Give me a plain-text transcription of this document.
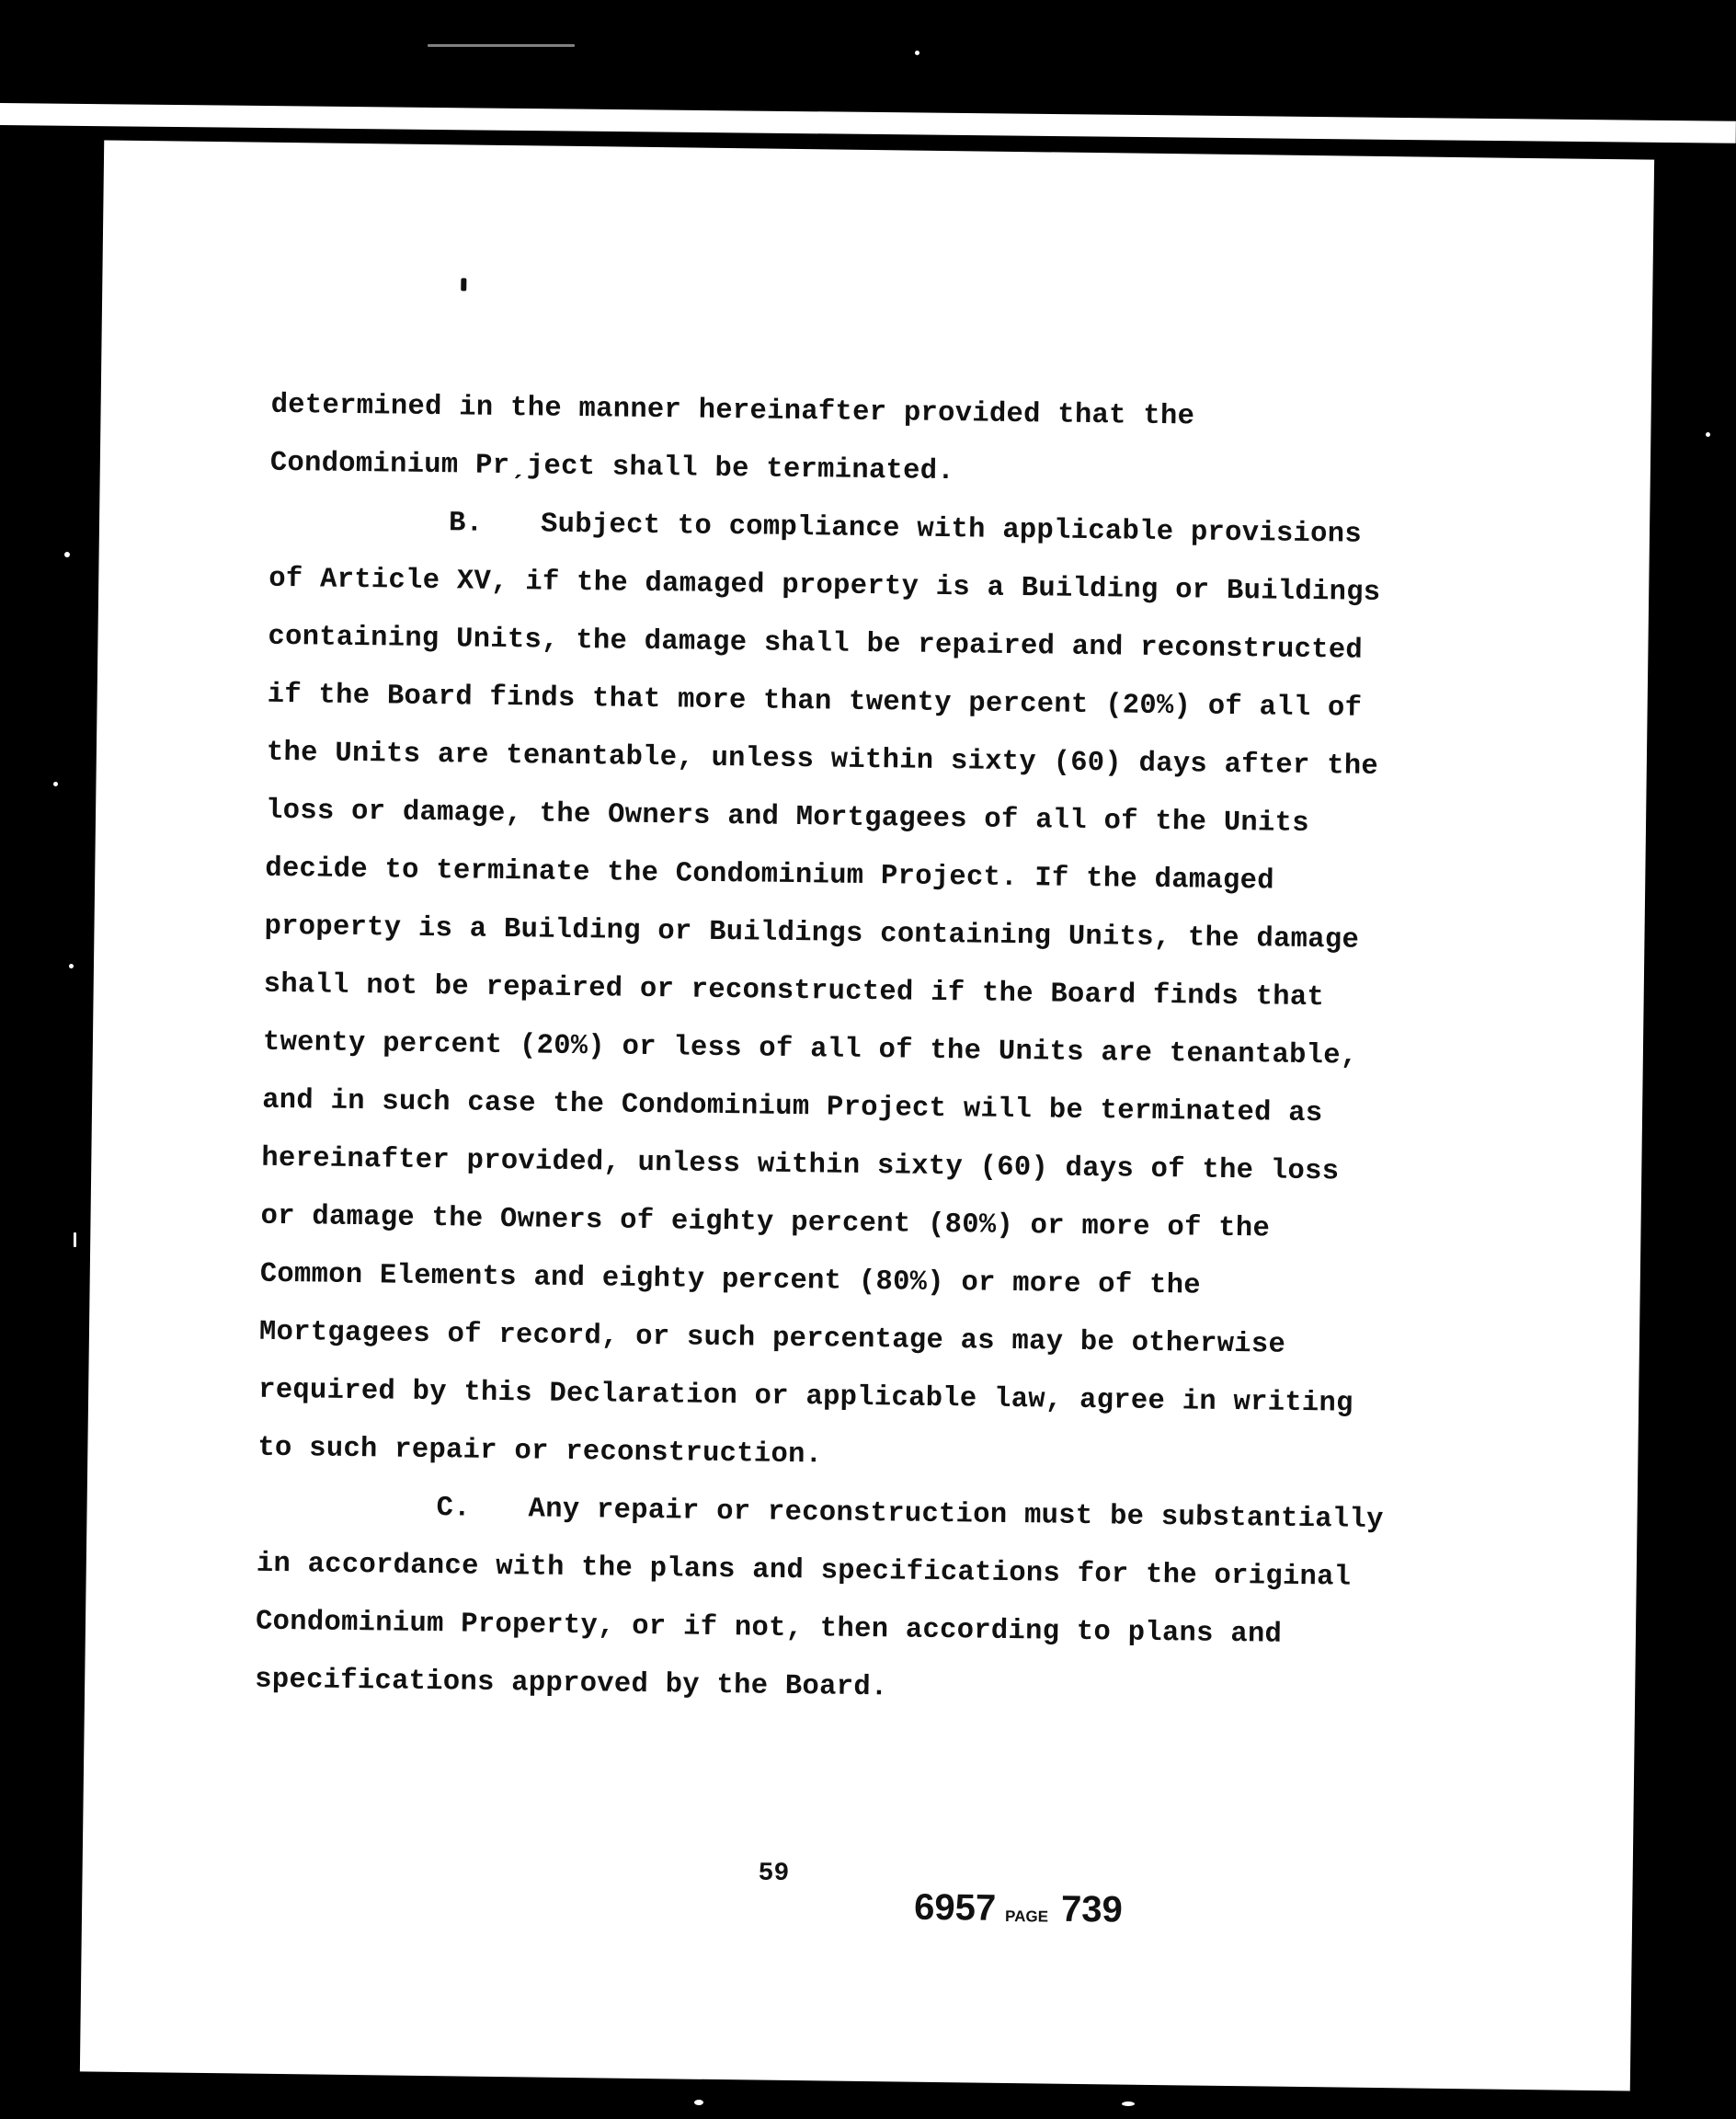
determined in the manner hereinafter provided that the
Condominium Prˏject shall be terminated.
B. Subject to compliance with applicable provisions
of Article XV, if the damaged property is a Building or Buildings
containing Units, the damage shall be repaired and reconstructed
if the Board finds that more than twenty percent (20%) of all of
the Units are tenantable, unless within sixty (60) days after the
loss or damage, the Owners and Mortgagees of all of the Units
decide to terminate the Condominium Project. If the damaged
property is a Building or Buildings containing Units, the damage
shall not be repaired or reconstructed if the Board finds that
twenty percent (20%) or less of all of the Units are tenantable,
and in such case the Condominium Project will be terminated as
hereinafter provided, unless within sixty (60) days of the loss
or damage the Owners of eighty percent (80%) or more of the
Common Elements and eighty percent (80%) or more of the
Mortgagees of record, or such percentage as may be otherwise
required by this Declaration or applicable law, agree in writing
to such repair or reconstruction.
C. Any repair or reconstruction must be substantially
in accordance with the plans and specifications for the original
Condominium Property, or if not, then according to plans and
specifications approved by the Board.
59
6957 PAGE 739
